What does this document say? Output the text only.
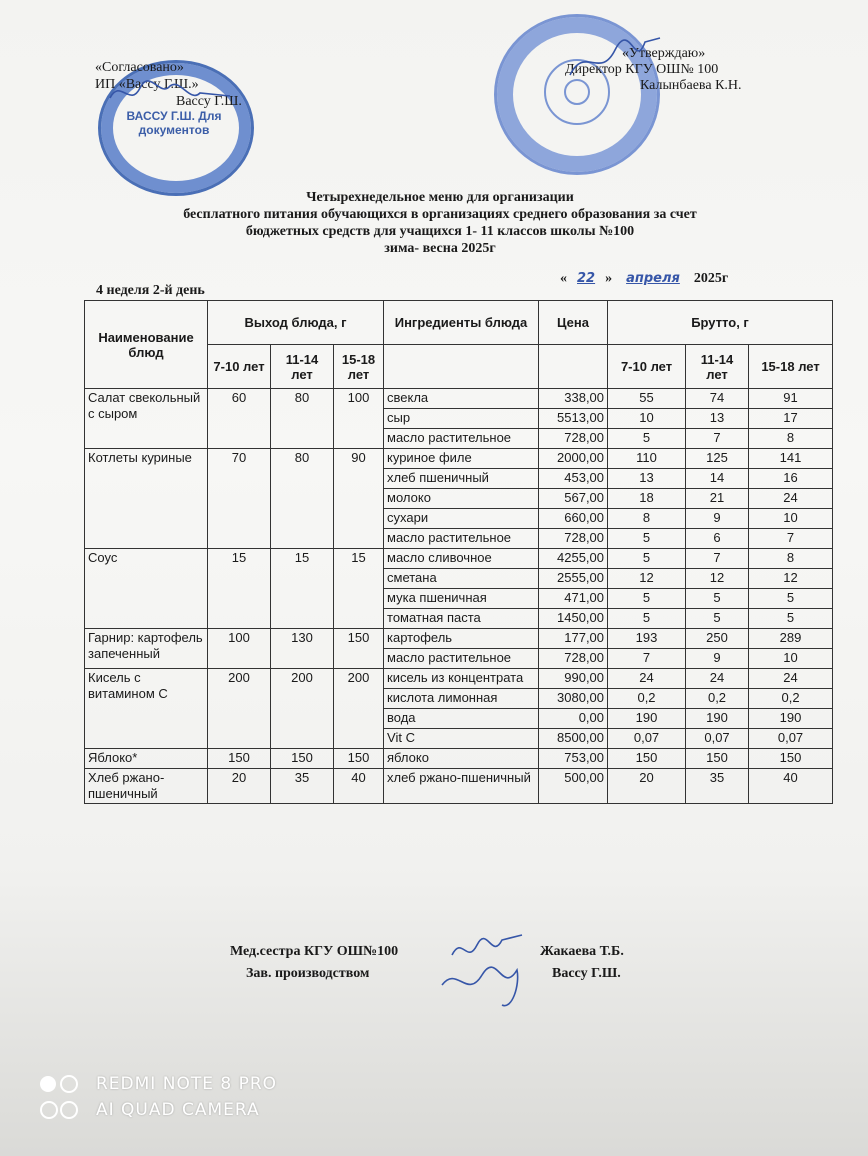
ВАССУ Г.Ш. Для документов
«Согласовано»
ИП «Вассу Г.Ш.»
Вассу Г.Ш.
«Утверждаю»
Директор КГУ ОШ№ 100
Калынбаева К.Н.
Четырехнедельное меню для организации
бесплатного питания обучающихся в организациях среднего образования за счет
бюджетных средств для учащихся 1- 11 классов школы №100
зима- весна 2025г
4 неделя 2-й день
« 22 » апреля 2025г
Наименование блюд	Выход блюда, г			Ингредиенты блюда	Цена	Брутто, г		
	7-10 лет	11-14 лет	15-18 лет			7-10 лет	11-14 лет	15-18 лет
Салат свекольный с сыром	60	80	100	свекла	338,00	55	74	91
				сыр	5513,00	10	13	17
				масло растительное	728,00	5	7	8
Котлеты куриные	70	80	90	куриное филе	2000,00	110	125	141
				хлеб пшеничный	453,00	13	14	16
				молоко	567,00	18	21	24
				сухари	660,00	8	9	10
				масло растительное	728,00	5	6	7
Соус	15	15	15	масло сливочное	4255,00	5	7	8
				сметана	2555,00	12	12	12
				мука пшеничная	471,00	5	5	5
				томатная паста	1450,00	5	5	5
Гарнир: картофель запеченный	100	130	150	картофель	177,00	193	250	289
				масло растительное	728,00	7	9	10
Кисель с витамином С	200	200	200	кисель из концентрата	990,00	24	24	24
				кислота лимонная	3080,00	0,2	0,2	0,2
				вода	0,00	190	190	190
				Vit C	8500,00	0,07	0,07	0,07
Яблоко*	150	150	150	яблоко	753,00	150	150	150
Хлеб ржано-пшеничный	20	35	40	хлеб ржано-пшеничный	500,00	20	35	40
Мед.сестра КГУ ОШ№100	Жакаева Т.Б.
Зав. производством	Вассу Г.Ш.
REDMI NOTE 8 PRO
AI QUAD CAMERA
